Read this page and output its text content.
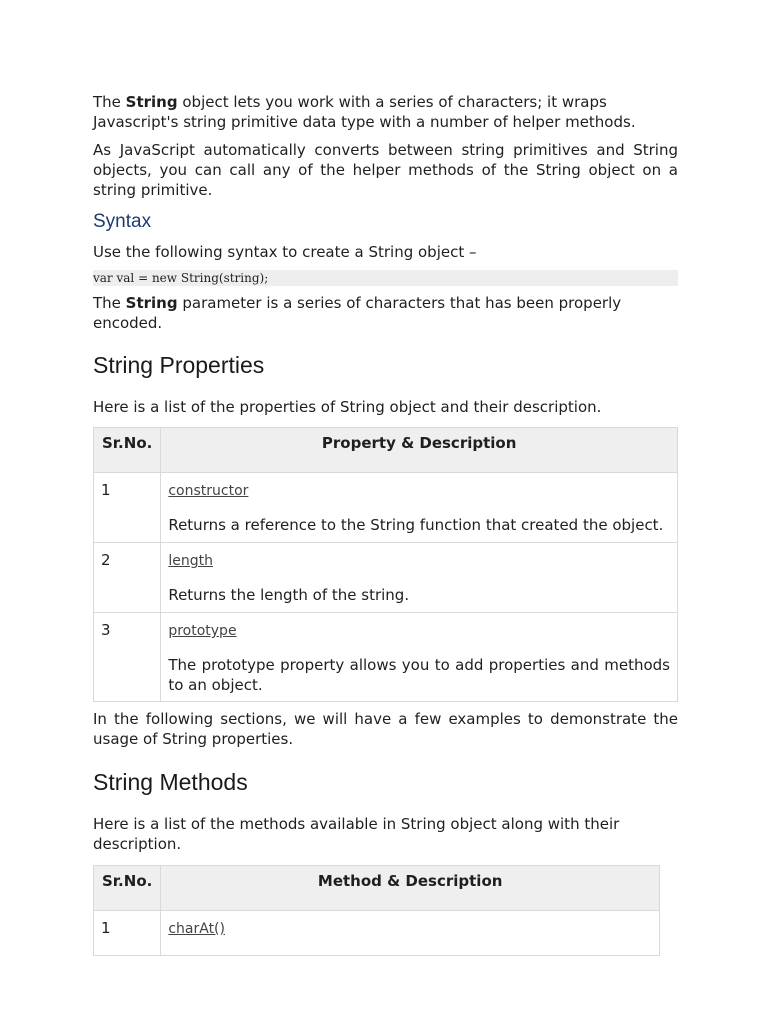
The String object lets you work with a series of characters; it wraps Javascript's string primitive data type with a number of helper methods.

As JavaScript automatically converts between string primitives and String objects, you can call any of the helper methods of the String object on a string primitive.

Syntax

Use the following syntax to create a String object –

var val = new String(string);

The String parameter is a series of characters that has been properly encoded.

String Properties

Here is a list of the properties of String object and their description.

Sr.No.	Property & Description
1	constructor
Returns a reference to the String function that created the object.

2	length
Returns the length of the string.

3	prototype
The prototype property allows you to add properties and methods to an object.

In the following sections, we will have a few examples to demonstrate the usage of String properties.

String Methods

Here is a list of the methods available in String object along with their description.

Sr.No.	Method & Description
1	charAt()
